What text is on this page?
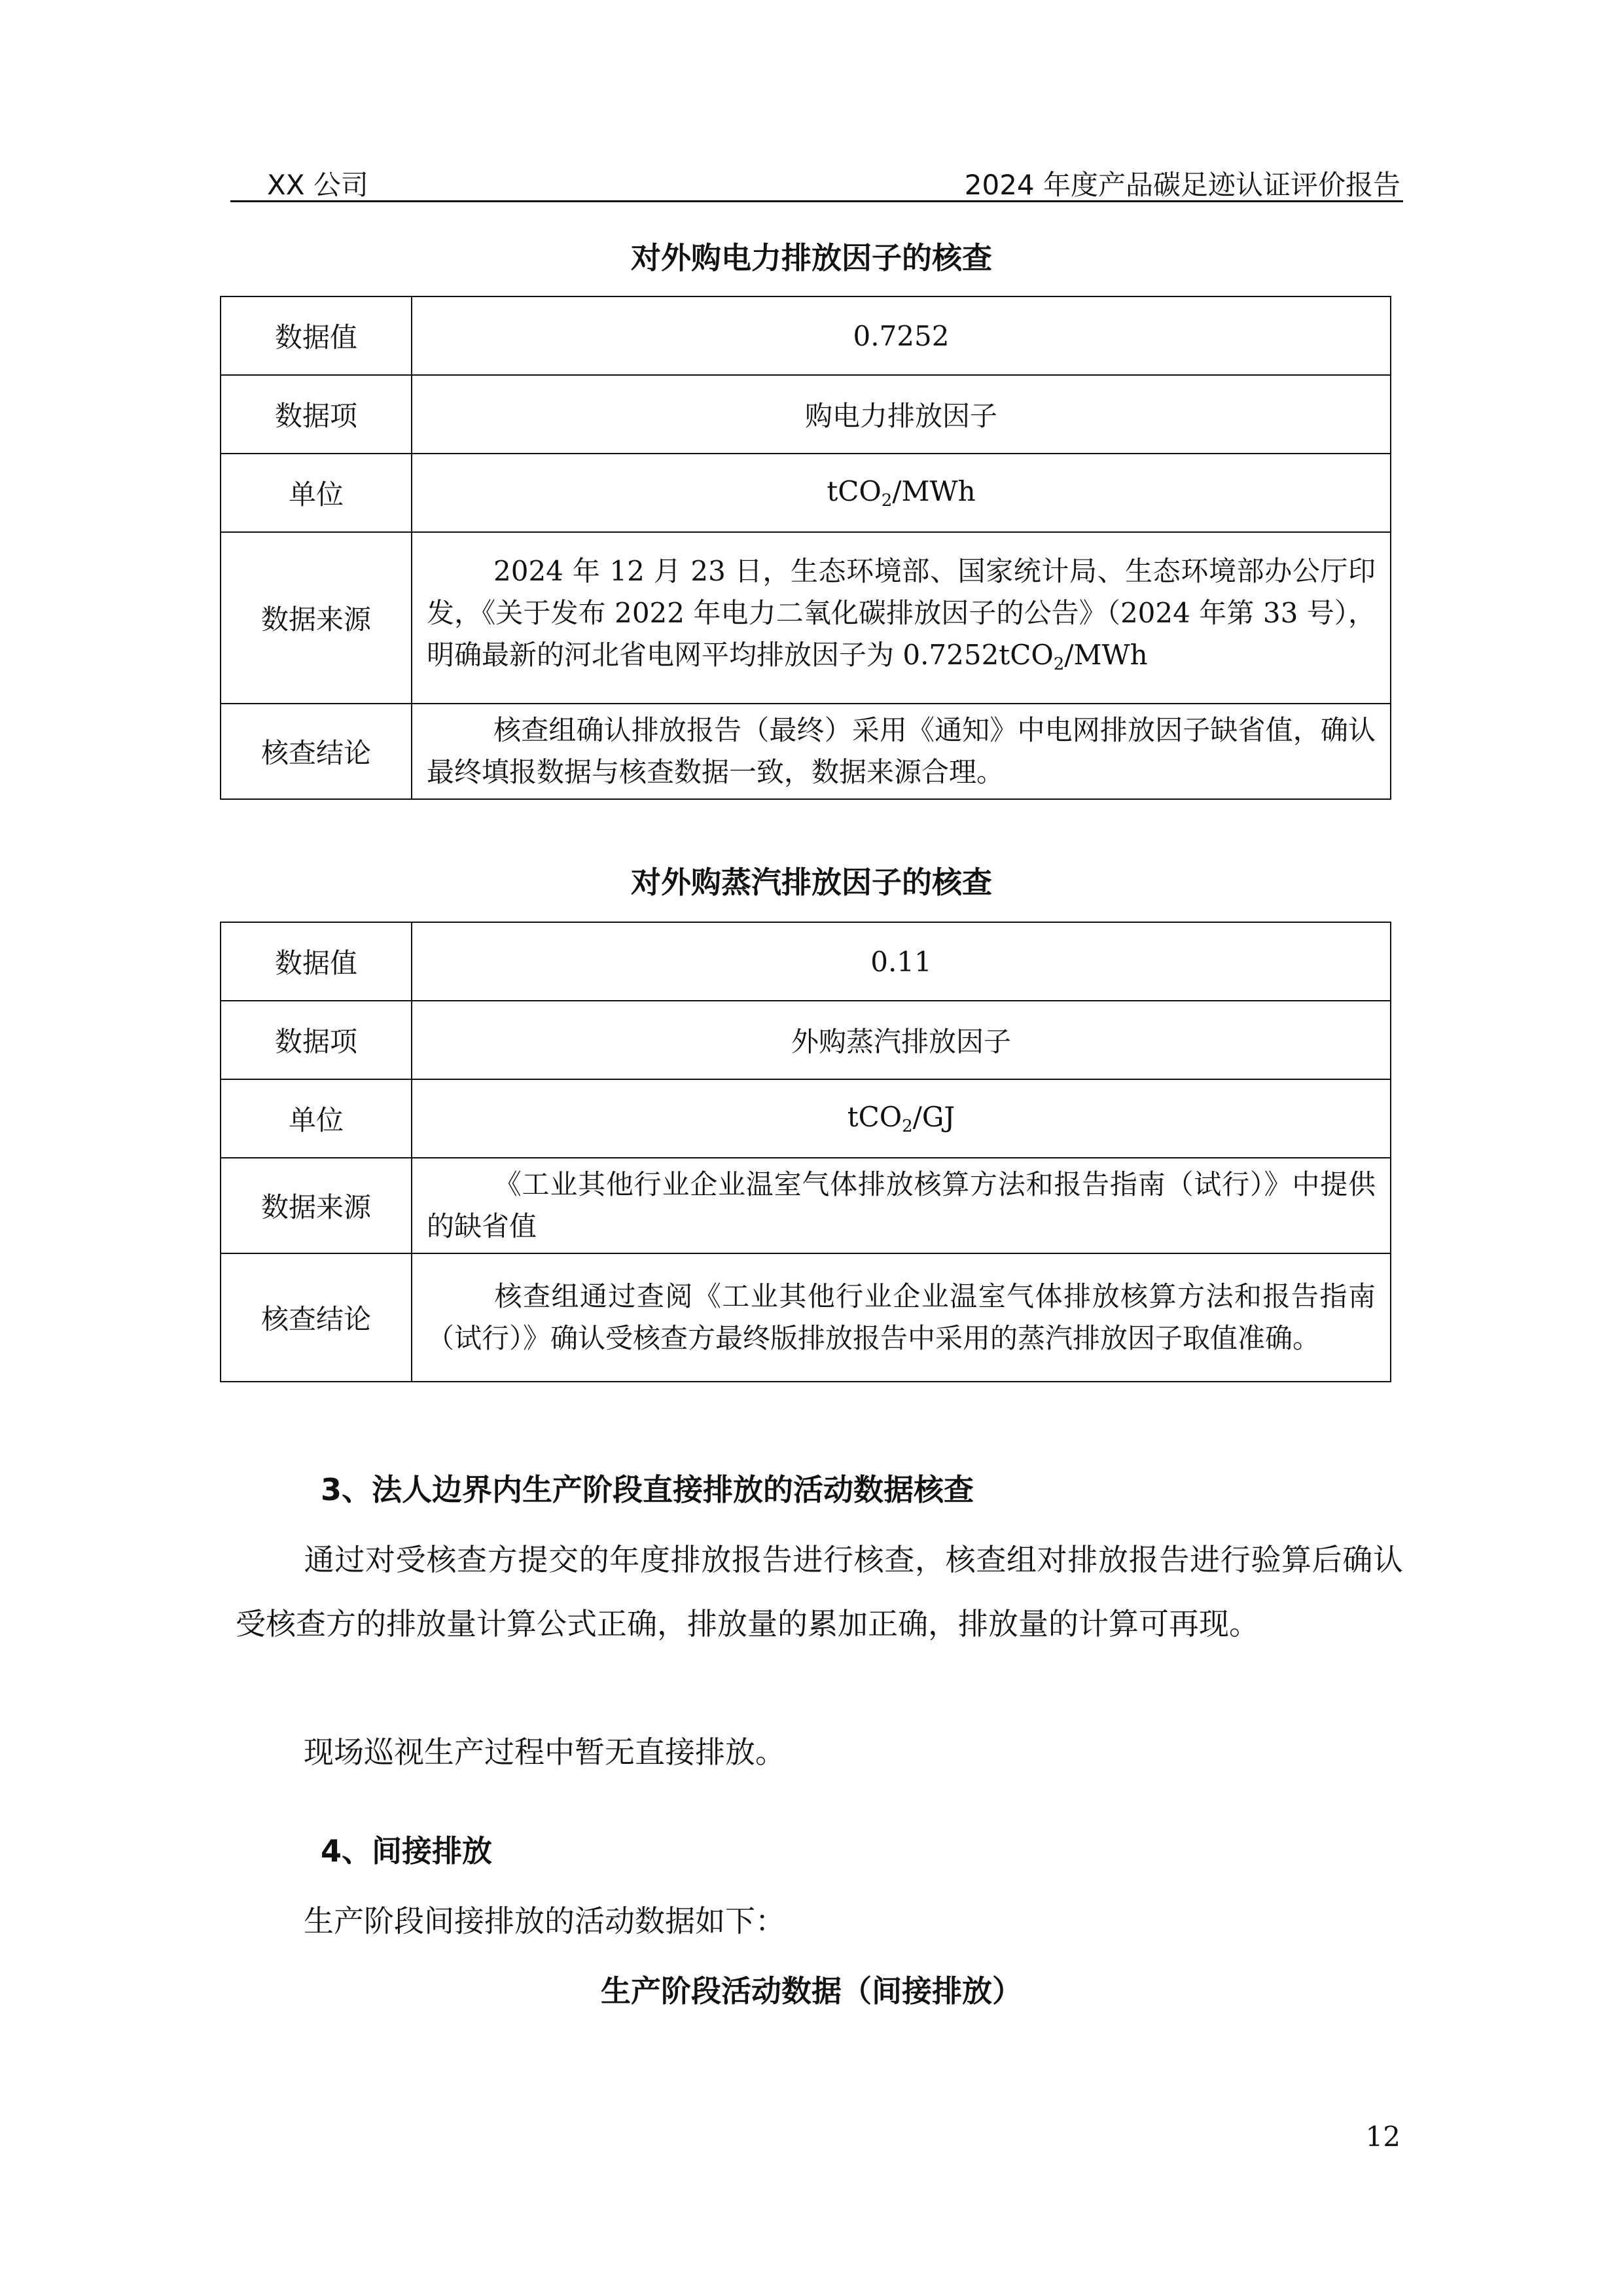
XX 公司	2024 年度产品碳足迹认证评价报告
对外购电力排放因子的核查
数据值	0.7252
数据项	购电力排放因子
单位	tCO$_2$/MWh
数据来源	2024 年 12 月 23 日，生态环境部、国家统计局、生态环境部办公厅印发，《关于发布 2022 年电力二氧化碳排放因子的公告》（2024 年第 33 号），明确最新的河北省电网平均排放因子为 0.7252tCO$_2$/MWh
核查结论	核查组确认排放报告（最终）采用《通知》中电网排放因子缺省值，确认最终填报数据与核查数据一致，数据来源合理。
对外购蒸汽排放因子的核查
数据值	0.11
数据项	外购蒸汽排放因子
单位	tCO$_2$/GJ
数据来源	《工业其他行业企业温室气体排放核算方法和报告指南（试行）》中提供的缺省值
核查结论	核查组通过查阅《工业其他行业企业温室气体排放核算方法和报告指南（试行）》确认受核查方最终版排放报告中采用的蒸汽排放因子取值准确。
3、法人边界内生产阶段直接排放的活动数据核查
通过对受核查方提交的年度排放报告进行核查，核查组对排放报告进行验算后确认受核查方的排放量计算公式正确，排放量的累加正确，排放量的计算可再现。
现场巡视生产过程中暂无直接排放。
4、间接排放
生产阶段间接排放的活动数据如下：
生产阶段活动数据（间接排放）
12
